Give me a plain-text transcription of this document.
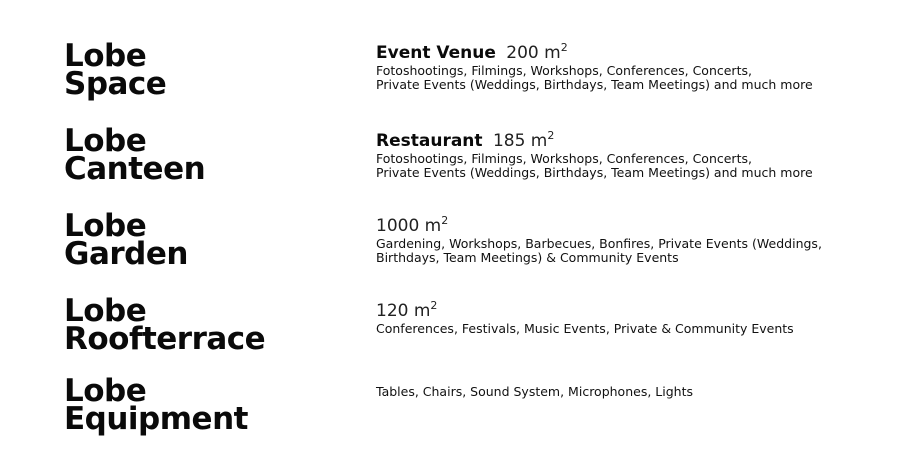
Lobe
Space
Event Venue 200 $m^2$
Fotoshootings, Filmings, Workshops, Conferences, Concerts,
Private Events (Weddings, Birthdays, Team Meetings) and much more
Lobe
Canteen
Restaurant 185 $m^2$
Fotoshootings, Filmings, Workshops, Conferences, Concerts,
Private Events (Weddings, Birthdays, Team Meetings) and much more
Lobe
Garden
1000 $m^2$
Gardening, Workshops, Barbecues, Bonfires, Private Events (Weddings,
Birthdays, Team Meetings) & Community Events
Lobe
Roofterrace
120 $m^2$
Conferences, Festivals, Music Events, Private & Community Events
Lobe
Equipment
Tables, Chairs, Sound System, Microphones, Lights
